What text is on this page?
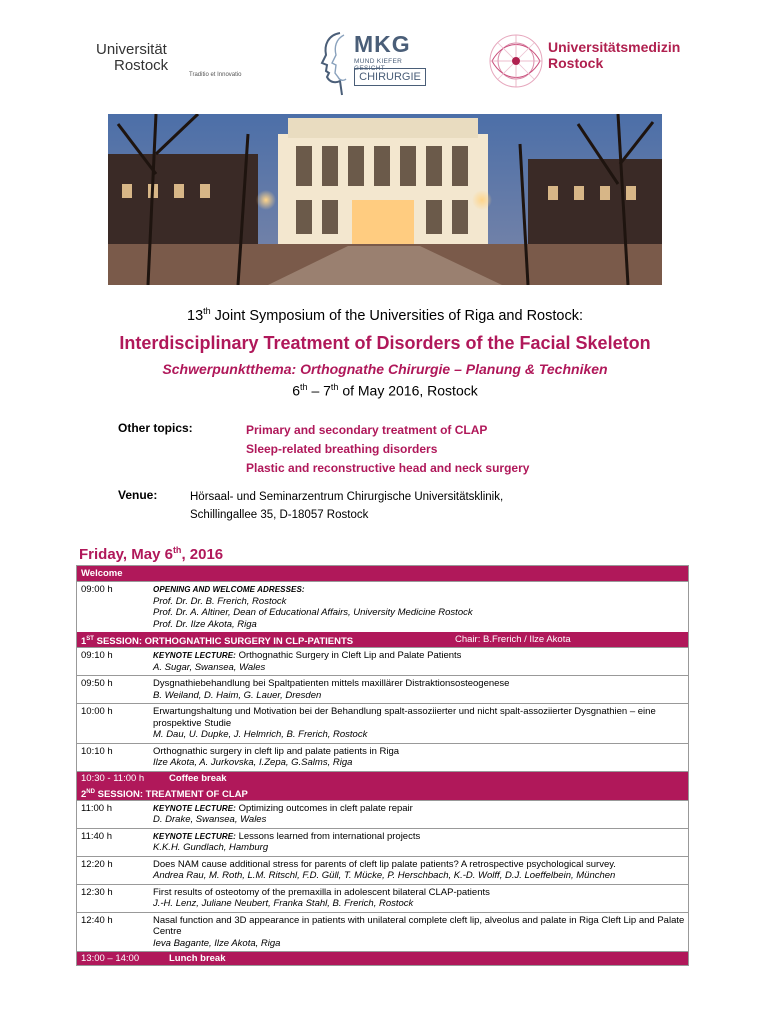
Universität
Rostock
Traditio et Innovatio
MKG
MUND KIEFER GESICHT
CHIRURGIE
Universitätsmedizin
Rostock
13th Joint Symposium of the Universities of Riga and Rostock:
Interdisciplinary Treatment of Disorders of the Facial Skeleton
Schwerpunktthema: Orthognathe Chirurgie – Planung & Techniken
6th – 7th of May 2016, Rostock
Other topics:	Primary and secondary treatment of CLAP
Sleep-related breathing disorders
Plastic and reconstructive head and neck surgery
Venue:	Hörsaal- und Seminarzentrum Chirurgische Universitätsklinik,
Schillingallee 35, D-18057 Rostock
Friday, May 6th, 2016
Welcome
09:00 h	OPENING AND WELCOME ADRESSES:
Prof. Dr. Dr. B. Frerich, Rostock
Prof. Dr. A. Altiner, Dean of Educational Affairs, University Medicine Rostock
Prof. Dr. Ilze Akota, Riga
1ST SESSION: ORTHOGNATHIC SURGERY IN CLP-PATIENTS	Chair: B.Frerich / Ilze Akota
09:10 h	KEYNOTE LECTURE: Orthognathic Surgery in Cleft Lip and Palate Patients
A. Sugar, Swansea, Wales
09:50 h	Dysgnathiebehandlung bei Spaltpatienten mittels maxillärer Distraktionsosteogenese
B. Weiland, D. Haim, G. Lauer, Dresden
10:00 h	Erwartungshaltung und Motivation bei der Behandlung spalt-assoziierter und nicht spalt-assoziierter Dysgnathien – eine prospektive Studie
M. Dau, U. Dupke, J. Helmrich, B. Frerich, Rostock
10:10 h	Orthognathic surgery in cleft lip and palate patients in Riga
Ilze Akota, A. Jurkovska, I.Zepa, G.Salms, Riga
10:30 - 11:00 h	Coffee break
2ND SESSION: TREATMENT OF CLAP
11:00 h	KEYNOTE LECTURE: Optimizing outcomes in cleft palate repair
D. Drake, Swansea, Wales
11:40 h	KEYNOTE LECTURE: Lessons learned from international projects
K.K.H. Gundlach, Hamburg
12:20 h	Does NAM cause additional stress for parents of cleft lip palate patients? A retrospective psychological survey.
Andrea Rau, M. Roth, L.M. Ritschl, F.D. Güll, T. Mücke, P. Herschbach, K.-D. Wolff, D.J. Loeffelbein, München
12:30 h	First results of osteotomy of the premaxilla in adolescent bilateral CLAP-patients
J.-H. Lenz, Juliane Neubert, Franka Stahl, B. Frerich, Rostock
12:40 h	Nasal function and 3D appearance in patients with unilateral complete cleft lip, alveolus and palate in Riga Cleft Lip and Palate Centre
Ieva Bagante, Ilze Akota, Riga
13:00 – 14:00	Lunch break
